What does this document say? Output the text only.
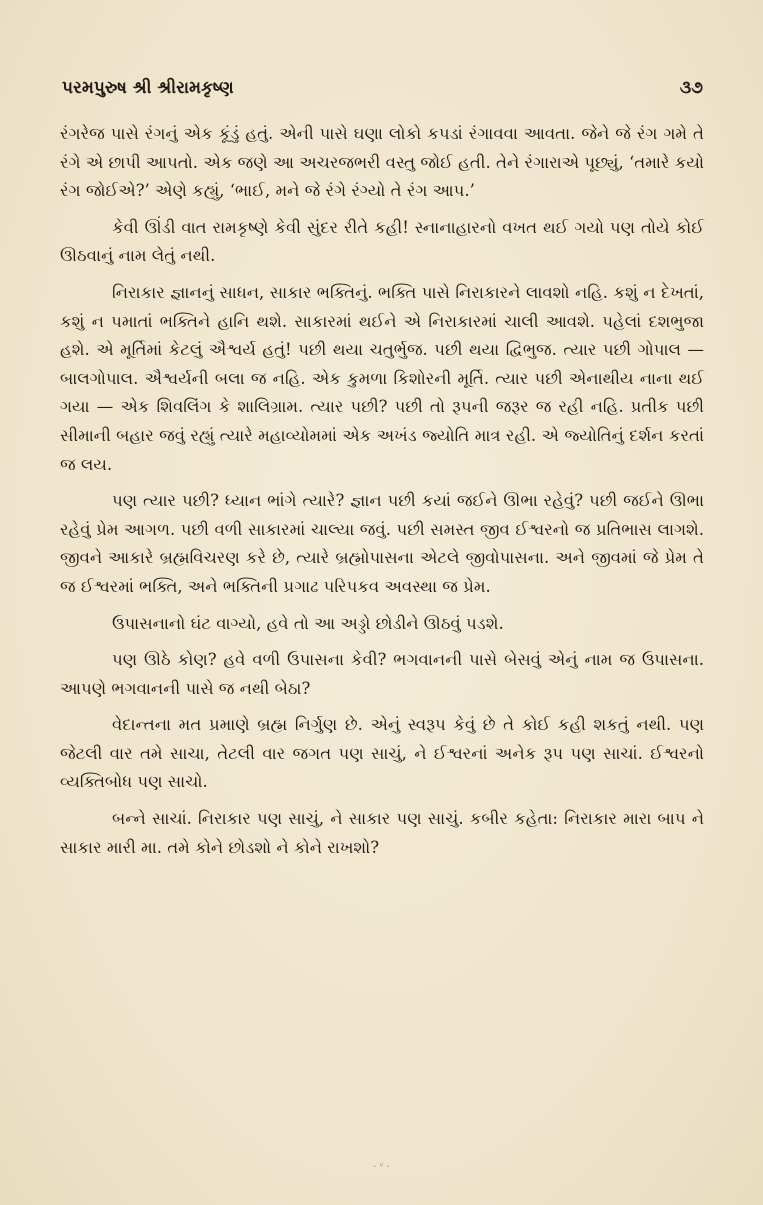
પરમપુરુષ શ્રી શ્રીરામકૃષ્ણ	૩૭

રંગરેજ પાસે રંગનું એક કૂંડું હતું. એની પાસે ઘણા લોકો કપડાં રંગાવવા આવતા. જેને જે રંગ ગમે તે રંગે એ છાપી આપતો. એક જણે આ અચરજભરી વસ્તુ જોઈ હતી. તેને રંગારાએ પૂછ્યું, ‘તમારે કયો રંગ જોઈએ?’ એણે કહ્યું, ‘ભાઈ, મને જે રંગે રંગ્યો તે રંગ આપ.’

કેવી ઊંડી વાત રામકૃષ્ણે કેવી સુંદર રીતે કહી! સ્નાનાહારનો વખત થઈ ગયો પણ તોયે કોઈ ઊઠવાનું નામ લેતું નથી.

નિરાકાર જ્ઞાનનું સાધન, સાકાર ભક્તિનું. ભક્તિ પાસે નિરાકારને લાવશો નહિ. કશું ન દેખતાં, કશું ન પમાતાં ભક્તિને હાનિ થશે. સાકારમાં થઈને એ નિરાકારમાં ચાલી આવશે. પહેલાં દશભુજા હશે. એ મૂર્તિમાં કેટલું ઐશ્વર્ય હતું! પછી થયા ચતુર્ભુજ. પછી થયા દ્વિભુજ. ત્યાર પછી ગોપાલ — બાલગોપાલ. ઐશ્વર્યની બલા જ નહિ. એક કુમળા કિશોરની મૂર્તિ. ત્યાર પછી એનાથીય નાના થઈ ગયા — એક શિવલિંગ કે શાલિગ્રામ. ત્યાર પછી? પછી તો રૂપની જરૂર જ રહી નહિ. પ્રતીક પછી સીમાની બહાર જવું રહ્યું ત્યારે મહાવ્યોમમાં એક અખંડ જ્યોતિ માત્ર રહી. એ જ્યોતિનું દર્શન કરતાં જ લય.

પણ ત્યાર પછી? ધ્યાન ભાંગે ત્યારે? જ્ઞાન પછી કયાં જઈને ઊભા રહેવું? પછી જઈને ઊભા રહેવું પ્રેમ આગળ. પછી વળી સાકારમાં ચાલ્યા જવું. પછી સમસ્ત જીવ ઈશ્વરનો જ પ્રતિભાસ લાગશે. જીવને આકારે બ્રહ્મવિચરણ કરે છે, ત્યારે બ્રહ્મોપાસના એટલે જીવોપાસના. અને જીવમાં જે પ્રેમ તે જ ઈશ્વરમાં ભક્તિ, અને ભક્તિની પ્રગાઢ પરિપકવ અવસ્થા જ પ્રેમ.

ઉપાસનાનો ઘંટ વાગ્યો, હવે તો આ અડ્ડો છોડીને ઊઠવું પડશે.

પણ ઊઠે કોણ? હવે વળી ઉપાસના કેવી? ભગવાનની પાસે બેસવું એનું નામ જ ઉપાસના. આપણે ભગવાનની પાસે જ નથી બેઠા?

વેદાન્તના મત પ્રમાણે બ્રહ્મ નિર્ગુણ છે. એનું સ્વરૂપ કેવું છે તે કોઈ કહી શકતું નથી. પણ જેટલી વાર તમે સાચા, તેટલી વાર જગત પણ સાચું, ને ઈશ્વરનાં અનેક રૂપ પણ સાચાં. ઈશ્વરનો વ્યક્તિબોધ પણ સાચો.

બન્ને સાચાં. નિરાકાર પણ સાચું, ને સાકાર પણ સાચું. કબીર કહેતા: નિરાકાર મારા બાપ ને સાકાર મારી મા. તમે કોને છોડશો ને કોને રાખશો?

· ᵛ ·
